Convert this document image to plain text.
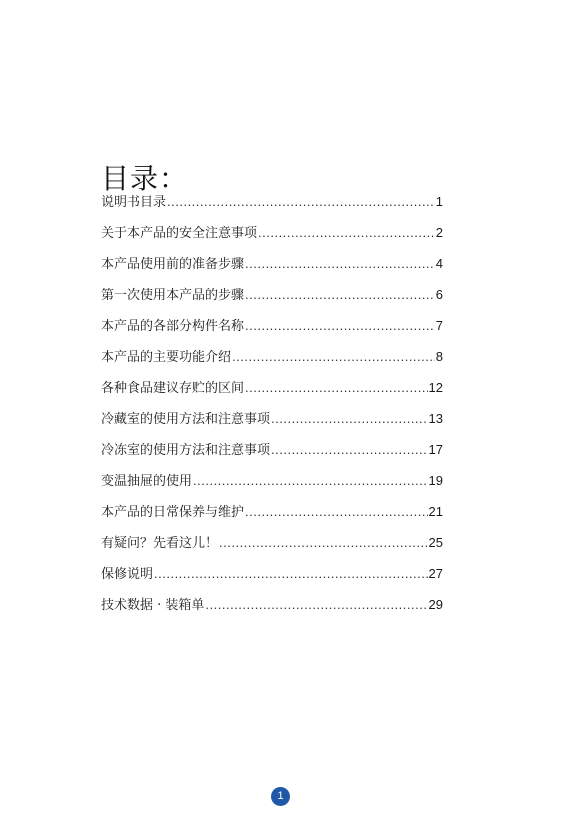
目录：
说明书目录 .....	1
关于本产品的安全注意事项 .....	2
本产品使用前的准备步骤 .....	4
第一次使用本产品的步骤 .....	6
本产品的各部分构件名称 .....	7
本产品的主要功能介绍 .....	8
各种食品建议存贮的区间 .....	12
冷藏室的使用方法和注意事项 .....	13
冷冻室的使用方法和注意事项 .....	17
变温抽屉的使用 .....	19
本产品的日常保养与维护 .....	21
有疑问？先看这儿！ .....	25
保修说明 .....	27
技术数据 · 装箱单 .....	29
1
